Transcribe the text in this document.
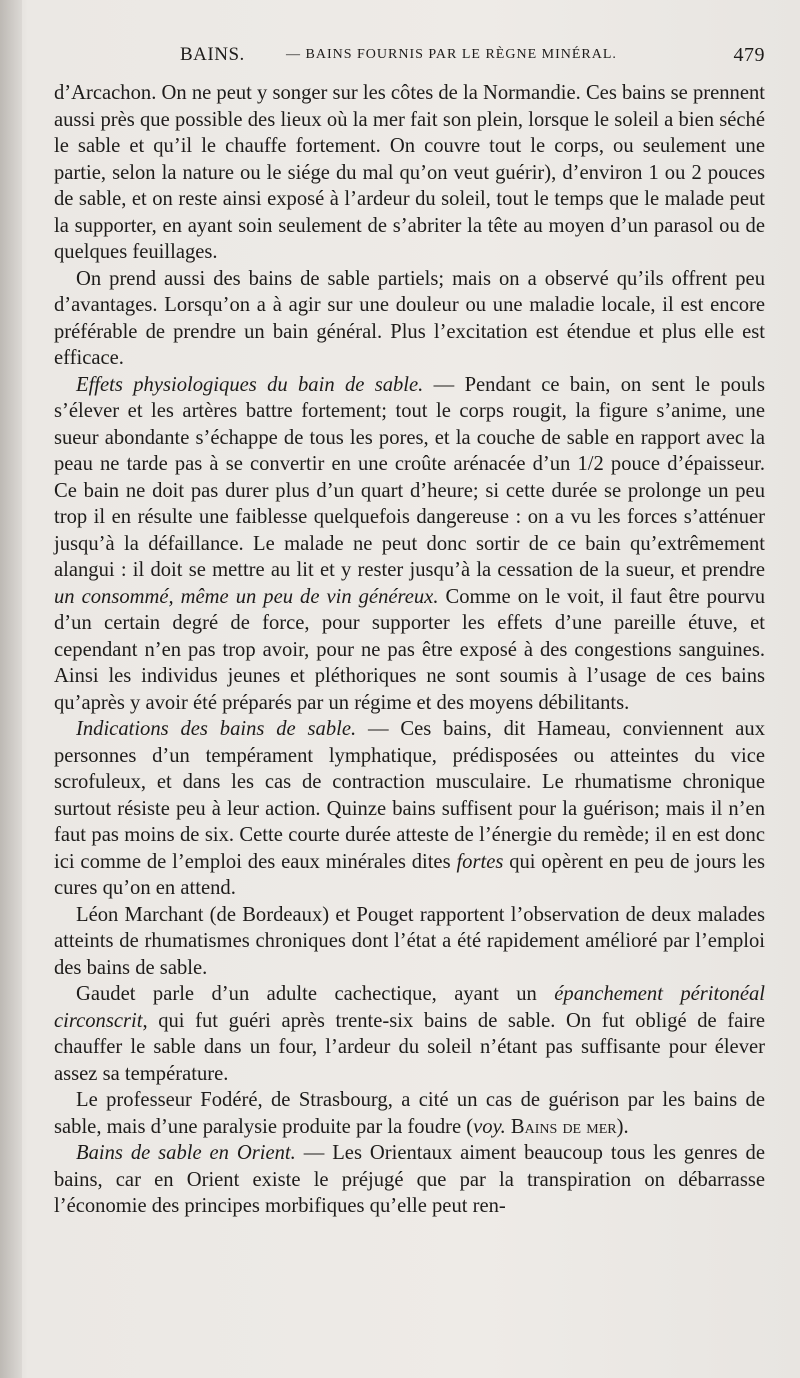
BAINS.	— BAINS FOURNIS PAR LE RÈGNE MINÉRAL.	479

d’Arcachon. On ne peut y songer sur les côtes de la Normandie. Ces bains se prennent aussi près que possible des lieux où la mer fait son plein, lorsque le soleil a bien séché le sable et qu’il le chauffe fortement. On couvre tout le corps, ou seulement une partie, selon la nature ou le siége du mal qu’on veut guérir), d’environ 1 ou 2 pouces de sable, et on reste ainsi exposé à l’ardeur du soleil, tout le temps que le malade peut la supporter, en ayant soin seulement de s’abriter la tête au moyen d’un parasol ou de quelques feuillages.

On prend aussi des bains de sable partiels; mais on a observé qu’ils offrent peu d’avantages. Lorsqu’on a à agir sur une douleur ou une maladie locale, il est encore préférable de prendre un bain général. Plus l’excitation est étendue et plus elle est efficace.

Effets physiologiques du bain de sable. — Pendant ce bain, on sent le pouls s’élever et les artères battre fortement; tout le corps rougit, la figure s’anime, une sueur abondante s’échappe de tous les pores, et la couche de sable en rapport avec la peau ne tarde pas à se convertir en une croûte arénacée d’un 1/2 pouce d’épaisseur. Ce bain ne doit pas durer plus d’un quart d’heure; si cette durée se prolonge un peu trop il en résulte une faiblesse quelquefois dangereuse : on a vu les forces s’atténuer jusqu’à la défaillance. Le malade ne peut donc sortir de ce bain qu’extrêmement alangui : il doit se mettre au lit et y rester jusqu’à la cessation de la sueur, et prendre un consommé, même un peu de vin généreux. Comme on le voit, il faut être pourvu d’un certain degré de force, pour supporter les effets d’une pareille étuve, et cependant n’en pas trop avoir, pour ne pas être exposé à des congestions sanguines. Ainsi les individus jeunes et pléthoriques ne sont soumis à l’usage de ces bains qu’après y avoir été préparés par un régime et des moyens débilitants.

Indications des bains de sable. — Ces bains, dit Hameau, conviennent aux personnes d’un tempérament lymphatique, prédisposées ou atteintes du vice scrofuleux, et dans les cas de contraction musculaire. Le rhumatisme chronique surtout résiste peu à leur action. Quinze bains suffisent pour la guérison; mais il n’en faut pas moins de six. Cette courte durée atteste de l’énergie du remède; il en est donc ici comme de l’emploi des eaux minérales dites fortes qui opèrent en peu de jours les cures qu’on en attend.

Léon Marchant (de Bordeaux) et Pouget rapportent l’observation de deux malades atteints de rhumatismes chroniques dont l’état a été rapidement amélioré par l’emploi des bains de sable.

Gaudet parle d’un adulte cachectique, ayant un épanchement péritonéal circonscrit, qui fut guéri après trente-six bains de sable. On fut obligé de faire chauffer le sable dans un four, l’ardeur du soleil n’étant pas suffisante pour élever assez sa température.

Le professeur Fodéré, de Strasbourg, a cité un cas de guérison par les bains de sable, mais d’une paralysie produite par la foudre (voy. Bains de mer).

Bains de sable en Orient. — Les Orientaux aiment beaucoup tous les genres de bains, car en Orient existe le préjugé que par la transpiration on débarrasse l’économie des principes morbifiques qu’elle peut ren-
